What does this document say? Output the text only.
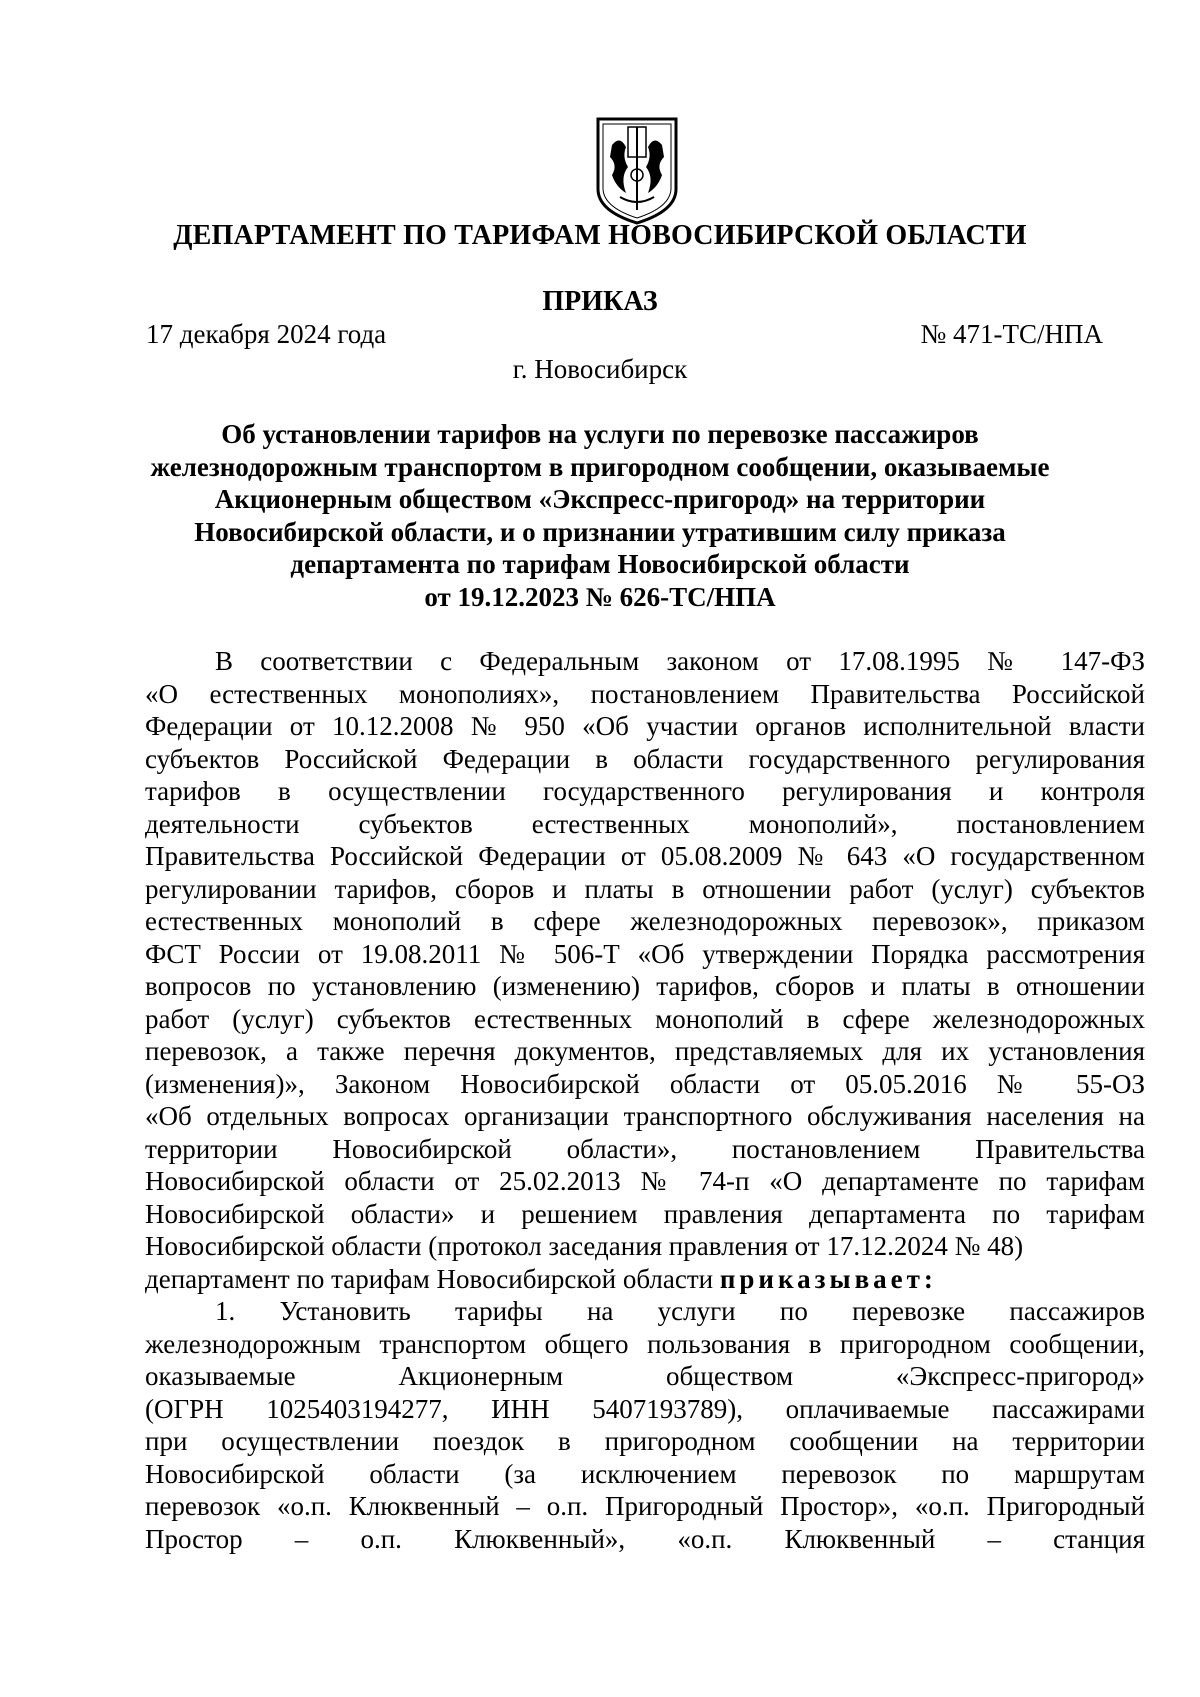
ДЕПАРТАМЕНТ ПО ТАРИФАМ НОВОСИБИРСКОЙ ОБЛАСТИ
ПРИКАЗ
17 декабря 2024 года	№ 471-ТС/НПА
г. Новосибирск
Об установлении тарифов на услуги по перевозке пассажиров
железнодорожным транспортом в пригородном сообщении, оказываемые
Акционерным обществом «Экспресс-пригород» на территории
Новосибирской области, и о признании утратившим силу приказа
департамента по тарифам Новосибирской области
от 19.12.2023 № 626-ТС/НПА
В соответствии с Федеральным законом от 17.08.1995 № 147-ФЗ
«О естественных монополиях», постановлением Правительства Российской
Федерации от 10.12.2008 № 950 «Об участии органов исполнительной власти
субъектов Российской Федерации в области государственного регулирования
тарифов в осуществлении государственного регулирования и контроля
деятельности субъектов естественных монополий», постановлением
Правительства Российской Федерации от 05.08.2009 № 643 «О государственном
регулировании тарифов, сборов и платы в отношении работ (услуг) субъектов
естественных монополий в сфере железнодорожных перевозок», приказом
ФСТ России от 19.08.2011 № 506-Т «Об утверждении Порядка рассмотрения
вопросов по установлению (изменению) тарифов, сборов и платы в отношении
работ (услуг) субъектов естественных монополий в сфере железнодорожных
перевозок, а также перечня документов, представляемых для их установления
(изменения)», Законом Новосибирской области от 05.05.2016 № 55-ОЗ
«Об отдельных вопросах организации транспортного обслуживания населения на
территории Новосибирской области», постановлением Правительства
Новосибирской области от 25.02.2013 № 74-п «О департаменте по тарифам
Новосибирской области» и решением правления департамента по тарифам
Новосибирской области (протокол заседания правления от 17.12.2024 № 48)
департамент по тарифам Новосибирской области приказывает:
1. Установить тарифы на услуги по перевозке пассажиров
железнодорожным транспортом общего пользования в пригородном сообщении,
оказываемые Акционерным обществом «Экспресс-пригород»
(ОГРН 1025403194277, ИНН 5407193789), оплачиваемые пассажирами
при осуществлении поездок в пригородном сообщении на территории
Новосибирской области (за исключением перевозок по маршрутам
перевозок «о.п. Клюквенный – о.п. Пригородный Простор», «о.п. Пригородный
Простор – о.п. Клюквенный», «о.п. Клюквенный – станция
